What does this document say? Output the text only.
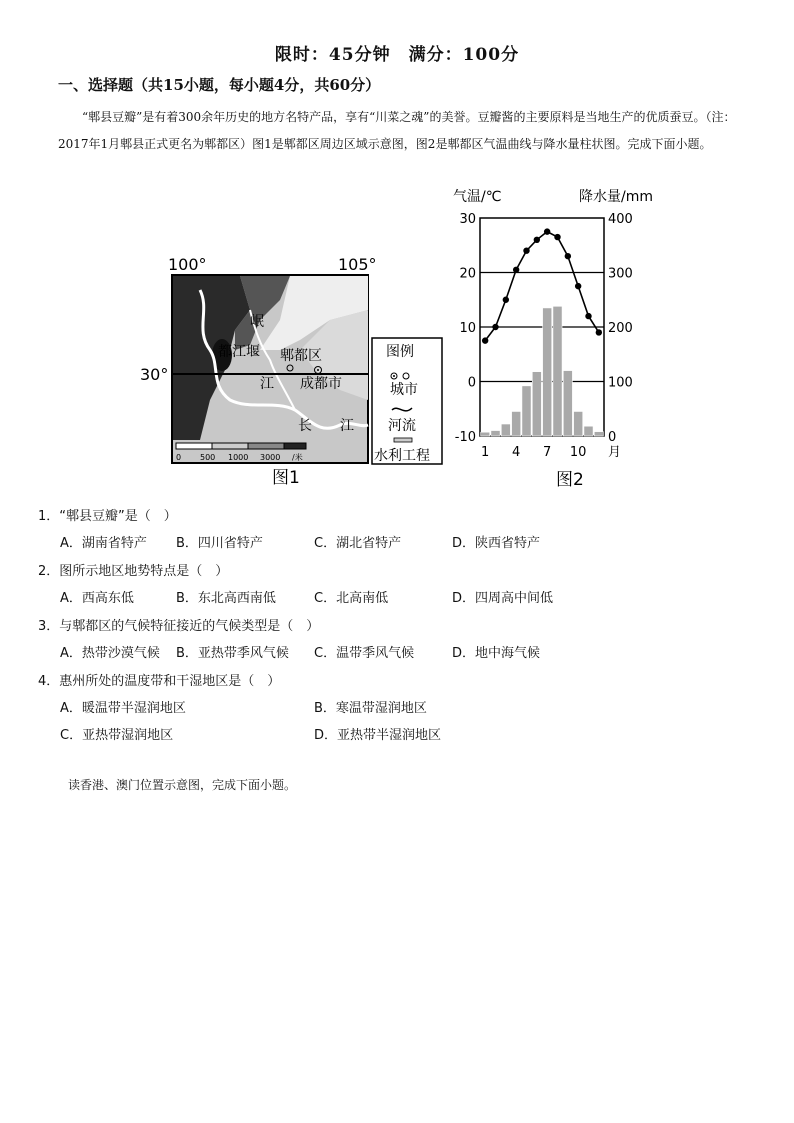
限时：45分钟　满分：100分
一、选择题（共15小题，每小题4分，共60分）
“郫县豆瓣”是有着300余年历史的地方名特产品，享有“川菜之魂”的美誉。豆瓣酱的主要原料是当地生产的优质蚕豆。（注：2017年1月郫县正式更名为郫都区）图1是郫都区周边区域示意图，图2是郫都区气温曲线与降水量柱状图。完成下面小题。
100°	105°
30°
岷
都江堰 郫都区
江 成都市
长 江
0 500 1000 3000 /米
图例
城市
河流
水利工程
图1
气温/℃	降水量/mm
30
20
10
0
-10
400
300
200
100
0
1 4 7 10 月
图2
1．“郫县豆瓣”是（　）
A．湖南省特产 B．四川省特产	C．湖北省特产	D．陕西省特产
2．图所示地区地势特点是（　）
A．西高东低	B．东北高西南低	C．北高南低	D．四周高中间低
3．与郫都区的气候特征接近的气候类型是（　）
A．热带沙漠气候 B．亚热带季风气候 C．温带季风气候	D．地中海气候
4．惠州所处的温度带和干湿地区是（　）
A．暖温带半湿润地区	B．寒温带湿润地区
C．亚热带湿润地区	D．亚热带半湿润地区
读香港、澳门位置示意图，完成下面小题。
